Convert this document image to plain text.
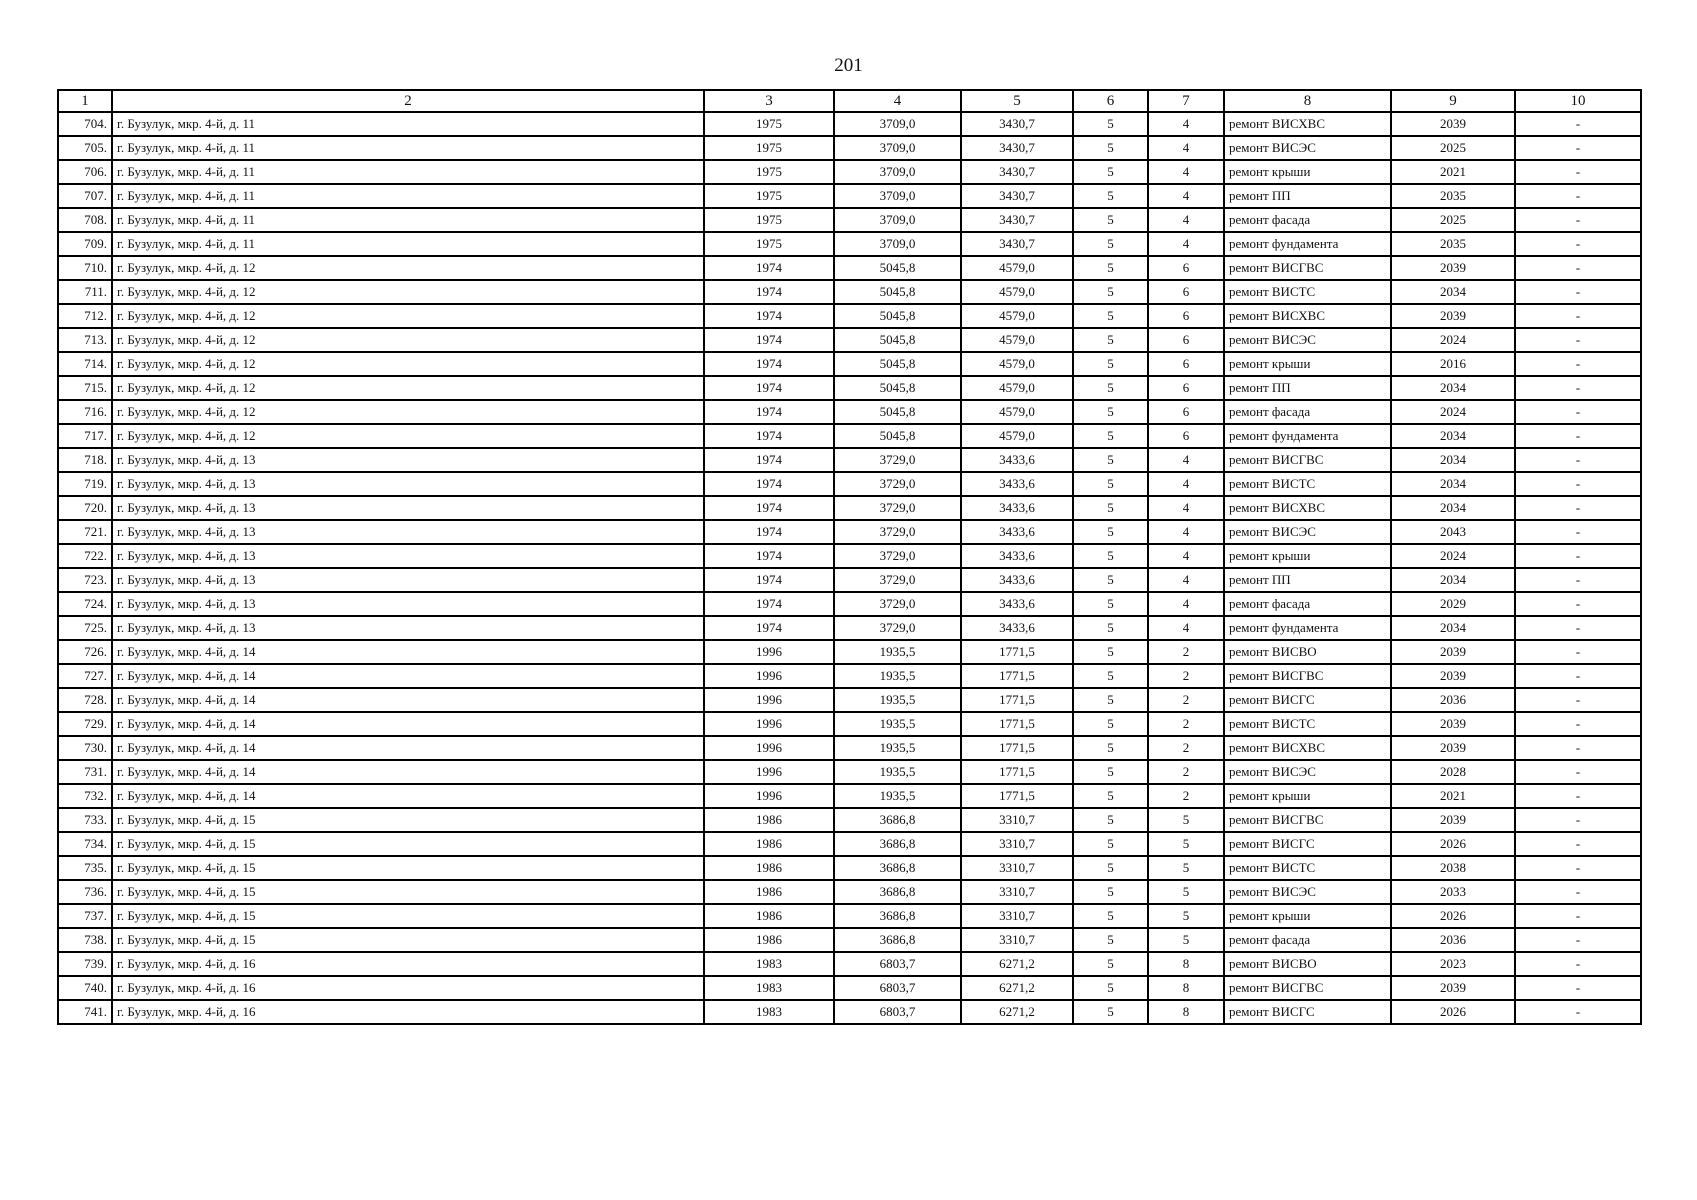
201
1	2	3	4	5	6	7	8	9	10
704.	г. Бузулук, мкр. 4-й, д. 11	1975	3709,0	3430,7	5	4	ремонт ВИСХВС	2039	-
705.	г. Бузулук, мкр. 4-й, д. 11	1975	3709,0	3430,7	5	4	ремонт ВИСЭС	2025	-
706.	г. Бузулук, мкр. 4-й, д. 11	1975	3709,0	3430,7	5	4	ремонт крыши	2021	-
707.	г. Бузулук, мкр. 4-й, д. 11	1975	3709,0	3430,7	5	4	ремонт ПП	2035	-
708.	г. Бузулук, мкр. 4-й, д. 11	1975	3709,0	3430,7	5	4	ремонт фасада	2025	-
709.	г. Бузулук, мкр. 4-й, д. 11	1975	3709,0	3430,7	5	4	ремонт фундамента	2035	-
710.	г. Бузулук, мкр. 4-й, д. 12	1974	5045,8	4579,0	5	6	ремонт ВИСГВС	2039	-
711.	г. Бузулук, мкр. 4-й, д. 12	1974	5045,8	4579,0	5	6	ремонт ВИСТС	2034	-
712.	г. Бузулук, мкр. 4-й, д. 12	1974	5045,8	4579,0	5	6	ремонт ВИСХВС	2039	-
713.	г. Бузулук, мкр. 4-й, д. 12	1974	5045,8	4579,0	5	6	ремонт ВИСЭС	2024	-
714.	г. Бузулук, мкр. 4-й, д. 12	1974	5045,8	4579,0	5	6	ремонт крыши	2016	-
715.	г. Бузулук, мкр. 4-й, д. 12	1974	5045,8	4579,0	5	6	ремонт ПП	2034	-
716.	г. Бузулук, мкр. 4-й, д. 12	1974	5045,8	4579,0	5	6	ремонт фасада	2024	-
717.	г. Бузулук, мкр. 4-й, д. 12	1974	5045,8	4579,0	5	6	ремонт фундамента	2034	-
718.	г. Бузулук, мкр. 4-й, д. 13	1974	3729,0	3433,6	5	4	ремонт ВИСГВС	2034	-
719.	г. Бузулук, мкр. 4-й, д. 13	1974	3729,0	3433,6	5	4	ремонт ВИСТС	2034	-
720.	г. Бузулук, мкр. 4-й, д. 13	1974	3729,0	3433,6	5	4	ремонт ВИСХВС	2034	-
721.	г. Бузулук, мкр. 4-й, д. 13	1974	3729,0	3433,6	5	4	ремонт ВИСЭС	2043	-
722.	г. Бузулук, мкр. 4-й, д. 13	1974	3729,0	3433,6	5	4	ремонт крыши	2024	-
723.	г. Бузулук, мкр. 4-й, д. 13	1974	3729,0	3433,6	5	4	ремонт ПП	2034	-
724.	г. Бузулук, мкр. 4-й, д. 13	1974	3729,0	3433,6	5	4	ремонт фасада	2029	-
725.	г. Бузулук, мкр. 4-й, д. 13	1974	3729,0	3433,6	5	4	ремонт фундамента	2034	-
726.	г. Бузулук, мкр. 4-й, д. 14	1996	1935,5	1771,5	5	2	ремонт ВИСВО	2039	-
727.	г. Бузулук, мкр. 4-й, д. 14	1996	1935,5	1771,5	5	2	ремонт ВИСГВС	2039	-
728.	г. Бузулук, мкр. 4-й, д. 14	1996	1935,5	1771,5	5	2	ремонт ВИСГС	2036	-
729.	г. Бузулук, мкр. 4-й, д. 14	1996	1935,5	1771,5	5	2	ремонт ВИСТС	2039	-
730.	г. Бузулук, мкр. 4-й, д. 14	1996	1935,5	1771,5	5	2	ремонт ВИСХВС	2039	-
731.	г. Бузулук, мкр. 4-й, д. 14	1996	1935,5	1771,5	5	2	ремонт ВИСЭС	2028	-
732.	г. Бузулук, мкр. 4-й, д. 14	1996	1935,5	1771,5	5	2	ремонт крыши	2021	-
733.	г. Бузулук, мкр. 4-й, д. 15	1986	3686,8	3310,7	5	5	ремонт ВИСГВС	2039	-
734.	г. Бузулук, мкр. 4-й, д. 15	1986	3686,8	3310,7	5	5	ремонт ВИСГС	2026	-
735.	г. Бузулук, мкр. 4-й, д. 15	1986	3686,8	3310,7	5	5	ремонт ВИСТС	2038	-
736.	г. Бузулук, мкр. 4-й, д. 15	1986	3686,8	3310,7	5	5	ремонт ВИСЭС	2033	-
737.	г. Бузулук, мкр. 4-й, д. 15	1986	3686,8	3310,7	5	5	ремонт крыши	2026	-
738.	г. Бузулук, мкр. 4-й, д. 15	1986	3686,8	3310,7	5	5	ремонт фасада	2036	-
739.	г. Бузулук, мкр. 4-й, д. 16	1983	6803,7	6271,2	5	8	ремонт ВИСВО	2023	-
740.	г. Бузулук, мкр. 4-й, д. 16	1983	6803,7	6271,2	5	8	ремонт ВИСГВС	2039	-
741.	г. Бузулук, мкр. 4-й, д. 16	1983	6803,7	6271,2	5	8	ремонт ВИСГС	2026	-
